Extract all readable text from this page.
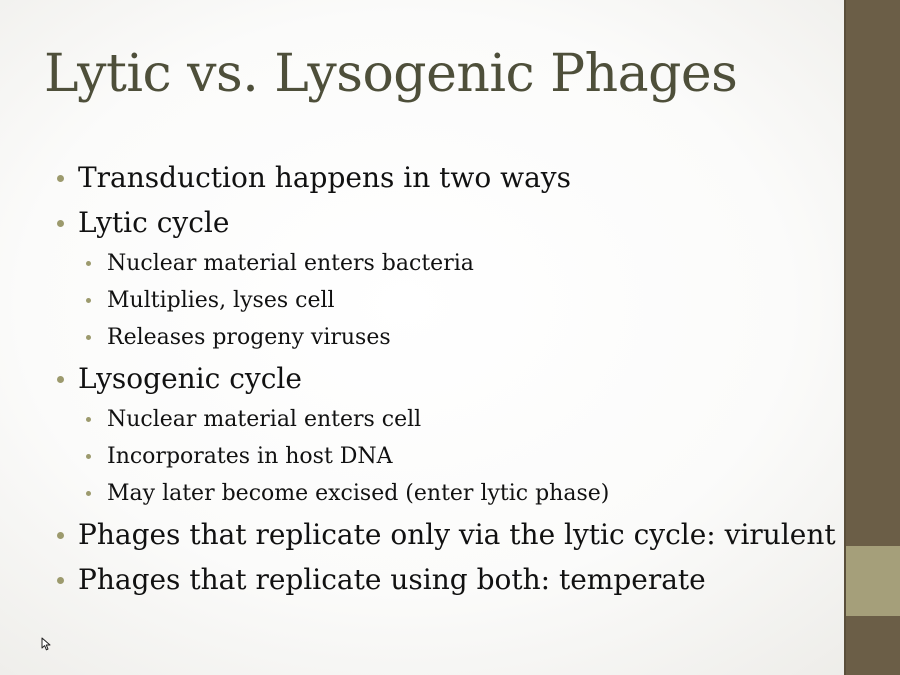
Lytic vs. Lysogenic Phages
Transduction happens in two ways
Lytic cycle
Nuclear material enters bacteria
Multiplies, lyses cell
Releases progeny viruses
Lysogenic cycle
Nuclear material enters cell
Incorporates in host DNA
May later become excised (enter lytic phase)
Phages that replicate only via the lytic cycle: virulent
Phages that replicate using both: temperate
